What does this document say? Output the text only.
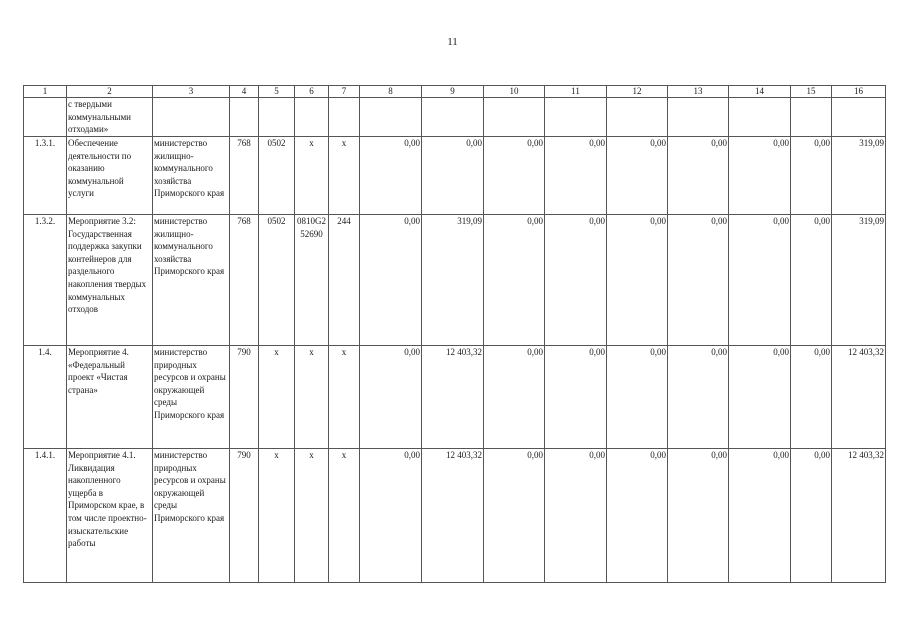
11
1	2	3	4	5	6	7	8	9	10	11	12	13	14	15	16
	с твердыми коммунальными отходами»														
1.3.1.	Обеспечение деятельности по оказанию коммунальной услуги	министерство жилищно-коммунального хозяйства Приморского края	768	0502	х	х	0,00	0,00	0,00	0,00	0,00	0,00	0,00	0,00	319,09
1.3.2.	Мероприятие 3.2: Государственная поддержка закупки контейнеров для раздельного накопления твердых коммунальных отходов	министерство жилищно-коммунального хозяйства Приморского края	768	0502	0810G2 52690	244	0,00	319,09	0,00	0,00	0,00	0,00	0,00	0,00	319,09
1.4.	Мероприятие 4. «Федеральный проект «Чистая страна»	министерство природных ресурсов и охраны окружающей среды Приморского края	790	х	х	х	0,00	12 403,32	0,00	0,00	0,00	0,00	0,00	0,00	12 403,32
1.4.1.	Мероприятие 4.1. Ликвидация накопленного ущерба в Приморском крае, в том числе проектно-изыскательские работы	министерство природных ресурсов и охраны окружающей среды Приморского края	790	х	х	х	0,00	12 403,32	0,00	0,00	0,00	0,00	0,00	0,00	12 403,32
